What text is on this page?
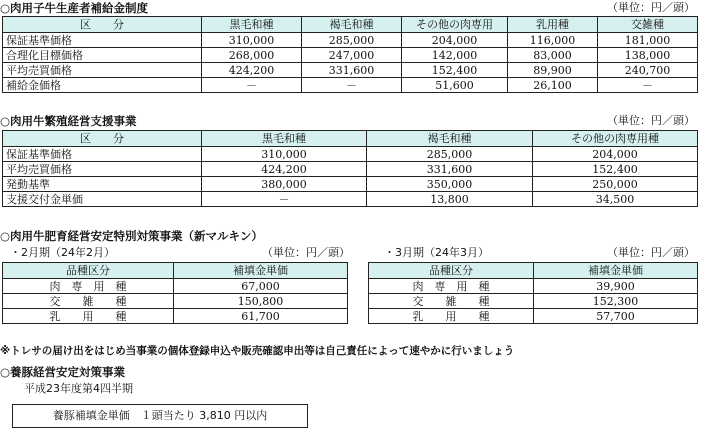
○肉用子牛生産者補給金制度	（単位：円／頭）
区　　分	黒毛和種	褐毛和種	その他の肉専用	乳用種	交雑種
保証基準価格	310,000	285,000	204,000	116,000	181,000
合理化目標価格	268,000	247,000	142,000	83,000	138,000
平均売買価格	424,200	331,600	152,400	89,900	240,700
補給金価格	－	－	51,600	26,100	－
○肉用牛繁殖経営支援事業	（単位：円／頭）
区　　分	黒毛和種	褐毛和種	その他の肉専用種
保証基準価格	310,000	285,000	204,000
平均売買価格	424,200	331,600	152,400
発動基準	380,000	350,000	250,000
支援交付金単価	－	13,800	34,500
○肉用牛肥育経営安定特別対策事業（新マルキン）
・2月期（24年2月）	（単位：円／頭）
品種区分	補填金単価
肉　専　用　種	67,000
交　　雑　　種	150,800
乳　　用　　種	61,700
・3月期（24年3月）	（単位：円／頭）
品種区分	補填金単価
肉　専　用　種	39,900
交　　雑　　種	152,300
乳　　用　　種	57,700
※トレサの届け出をはじめ当事業の個体登録申込や販売確認申出等は自己責任によって速やかに行いましょう
○養豚経営安定対策事業
平成23年度第4四半期
養豚補填金単価　１頭当たり 3,810 円以内
